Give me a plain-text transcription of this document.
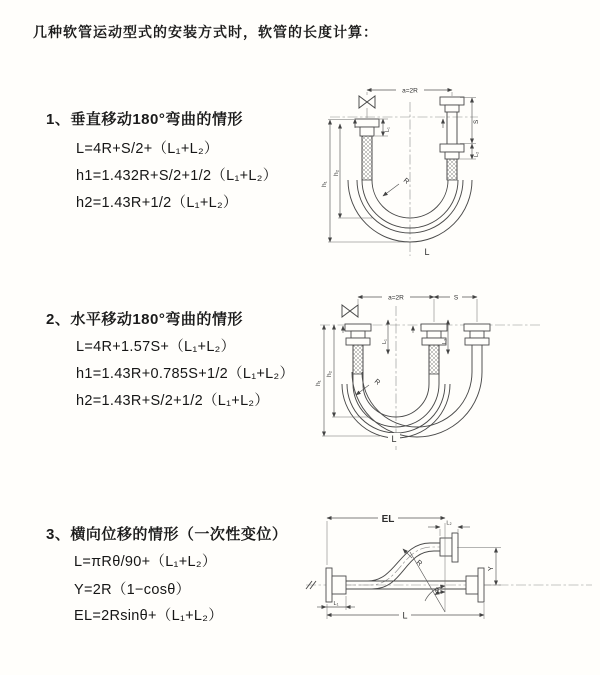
几种软管运动型式的安装方式时，软管的长度计算：
1、垂直移动180°弯曲的情形
L=4R+S/2+（L₁+L₂）
h1=1.432R+S/2+1/2（L₁+L₂）
h2=1.43R+1/2（L₁+L₂）
2、水平移动180°弯曲的情形
L=4R+1.57S+（L₁+L₂）
h1=1.43R+0.785S+1/2（L₁+L₂）
h2=1.43R+S/2+1/2（L₁+L₂）
3、横向位移的情形（一次性变位）
L=πRθ/90+（L₁+L₂）
Y=2R（1−cosθ）
EL=2Rsinθ+（L₁+L₂）
a=2R
S
L₂
h₁
h₂
L₁
R
L
a=2R	S
h₁
h₂
L₁	L₂
R
L
θ
EL	L₂
Y
L
L₁
R
